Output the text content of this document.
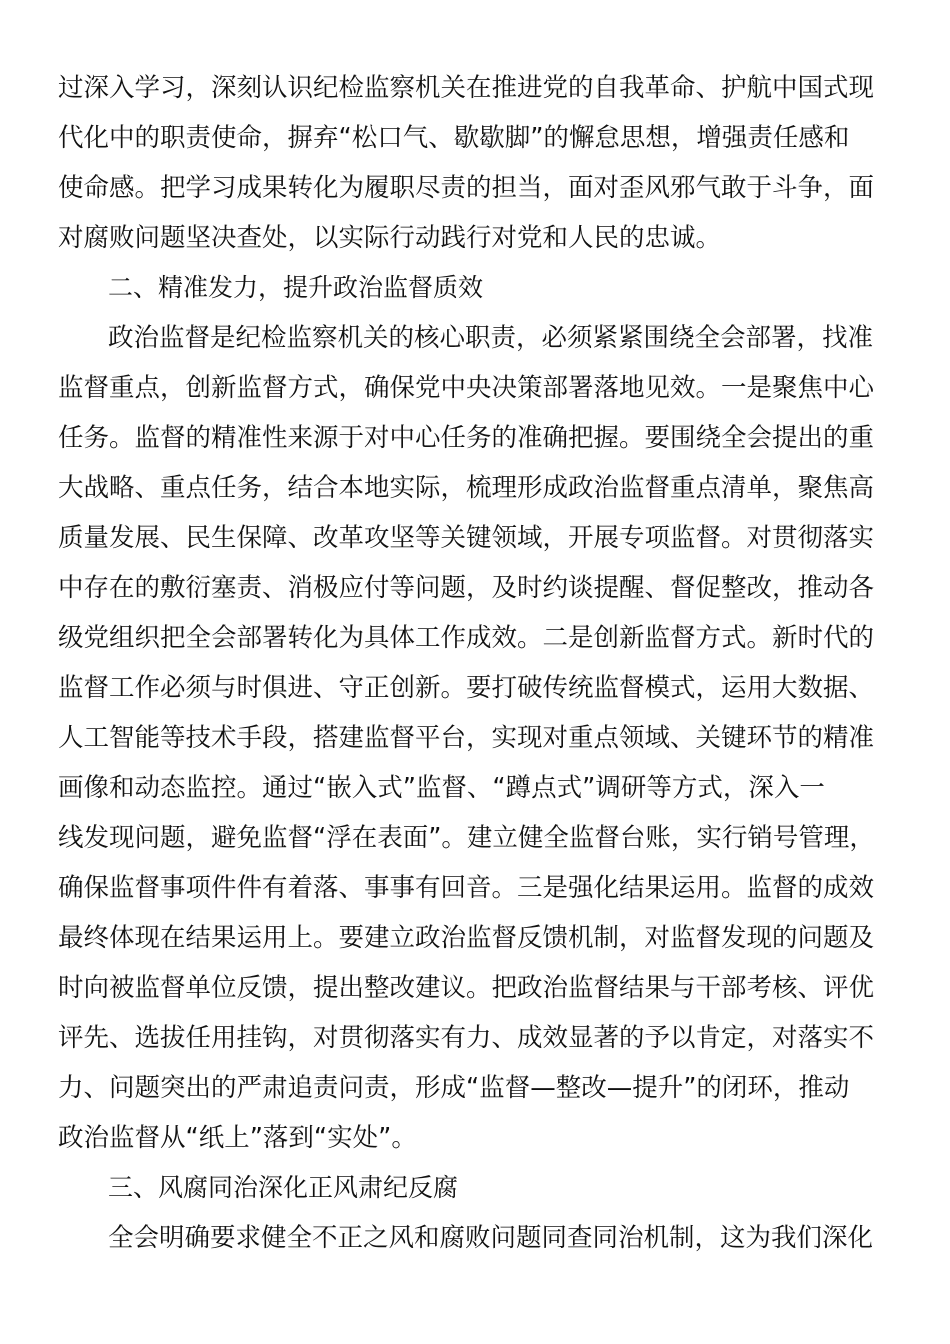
过深入学习，深刻认识纪检监察机关在推进党的自我革命、护航中国式现
代化中的职责使命，摒弃“松口气、歇歇脚”的懈怠思想，增强责任感和
使命感。把学习成果转化为履职尽责的担当，面对歪风邪气敢于斗争，面
对腐败问题坚决查处，以实际行动践行对党和人民的忠诚。
二、精准发力，提升政治监督质效
政治监督是纪检监察机关的核心职责，必须紧紧围绕全会部署，找准
监督重点，创新监督方式，确保党中央决策部署落地见效。一是聚焦中心
任务。监督的精准性来源于对中心任务的准确把握。要围绕全会提出的重
大战略、重点任务，结合本地实际，梳理形成政治监督重点清单，聚焦高
质量发展、民生保障、改革攻坚等关键领域，开展专项监督。对贯彻落实
中存在的敷衍塞责、消极应付等问题，及时约谈提醒、督促整改，推动各
级党组织把全会部署转化为具体工作成效。二是创新监督方式。新时代的
监督工作必须与时俱进、守正创新。要打破传统监督模式，运用大数据、
人工智能等技术手段，搭建监督平台，实现对重点领域、关键环节的精准
画像和动态监控。通过“嵌入式”监督、“蹲点式”调研等方式，深入一
线发现问题，避免监督“浮在表面”。建立健全监督台账，实行销号管理，
确保监督事项件件有着落、事事有回音。三是强化结果运用。监督的成效
最终体现在结果运用上。要建立政治监督反馈机制，对监督发现的问题及
时向被监督单位反馈，提出整改建议。把政治监督结果与干部考核、评优
评先、选拔任用挂钩，对贯彻落实有力、成效显著的予以肯定，对落实不
力、问题突出的严肃追责问责，形成“监督—整改—提升”的闭环，推动
政治监督从“纸上”落到“实处”。
三、风腐同治深化正风肃纪反腐
全会明确要求健全不正之风和腐败问题同查同治机制，这为我们深化
